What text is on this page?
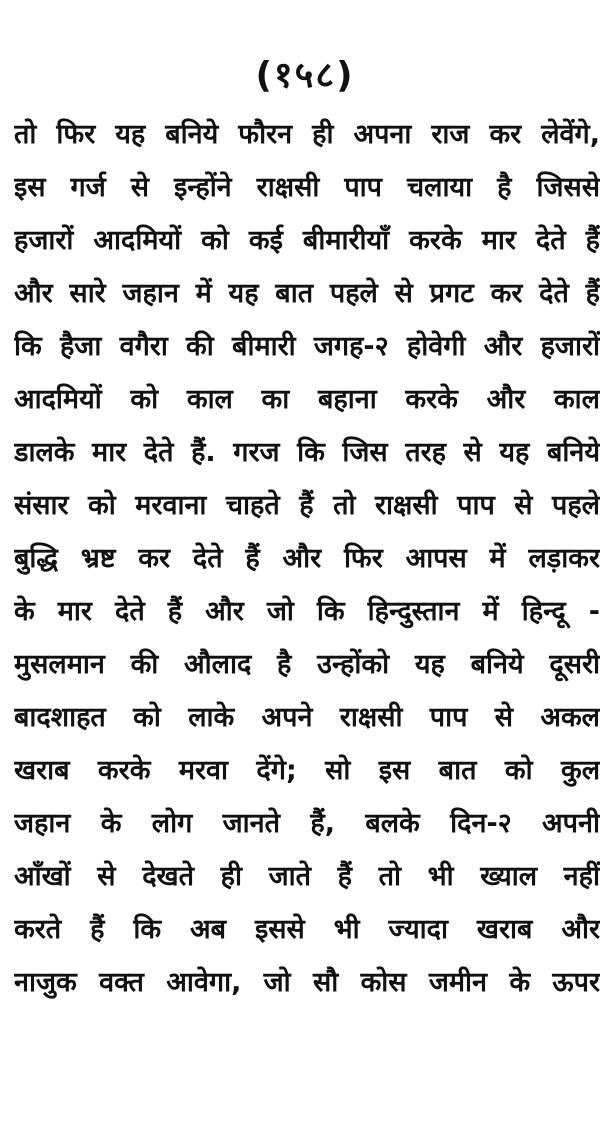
(१५८)
तो फिर यह बनिये फौरन ही अपना राज कर लेवेंगे,
इस गर्ज से इन्होंने राक्षसी पाप चलाया है जिससे
हजारों आदमियों को कई बीमारीयाँ करके मार देते हैं
और सारे जहान में यह बात पहले से प्रगट कर देते हैं
कि हैजा वगैरा की बीमारी जगह-२ होवेगी और हजारों
आदमियों को काल का बहाना करके और काल
डालके मार देते हैं. गरज कि जिस तरह से यह बनिये
संसार को मरवाना चाहते हैं तो राक्षसी पाप से पहले
बुद्धि भ्रष्ट कर देते हैं और फिर आपस में लड़ाकर
के मार देते हैं और जो कि हिन्दुस्तान में हिन्दू -
मुसलमान की औलाद है उन्होंको यह बनिये दूसरी
बादशाहत को लाके अपने राक्षसी पाप से अकल
खराब करके मरवा देंगे; सो इस बात को कुल
जहान के लोग जानते हैं, बलके दिन-२ अपनी
आँखों से देखते ही जाते हैं तो भी ख्याल नहीं
करते हैं कि अब इससे भी ज्यादा खराब और
नाजुक वक्त आवेगा, जो सौ कोस जमीन के ऊपर
